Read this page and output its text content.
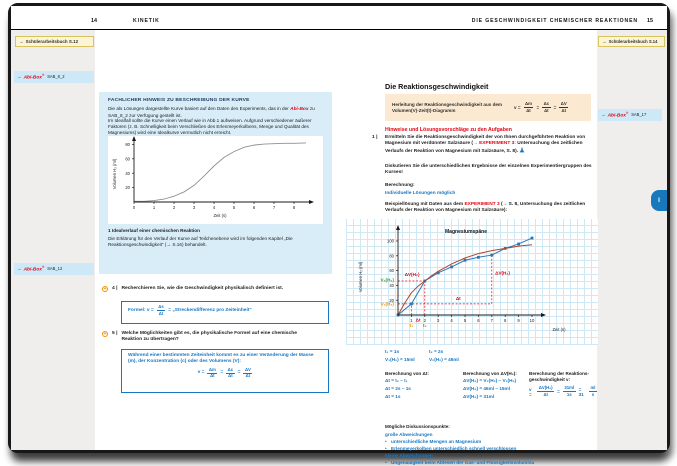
14	KINETIK	DIE GESCHWINDIGKEIT CHEMISCHER REAKTIONEN 15
→ Schülerarbeitsbuch S.12	→ Schülerarbeitsbuch S.14
→ Abi-Box® SAB_8_2
→ Abi-Box® SAB_12
→ Abi-Box® SAB_17
I
FACHLICHER HINWEIS ZU BESCHREIBUNG DER KURVE
Die als Lösungen dargestellte Kurve basiert auf den Daten des Experiments, das in der Abi-Box zu SAB_8_2 zur Verfügung gestellt ist.
Im Idealfall sollte die Kurve einen Verlauf wie in Abb.1 aufweisen. Aufgrund verschiedener äußerer Faktoren (z. B. Schnelligkeit beim Verschließen des Erlenmeyerkolbens, Menge und Qualität des Magnesiums) wird eine Idealkurve vermutlich nicht erreicht.
0	1	2	3	4	5	6	7	8
20
40
60
80
Zeit (s)
Volumen H₂ (ml)
1 Idealverlauf einer chemischen Reaktion
Die Erklärung für den Verlauf der Kurve auf Teilchenebene wird im folgenden Kapitel „Die Reaktionsgeschwindigkeit“ (→ S.16) behandelt.
+ 4 | Recherchieren Sie, wie die Geschwindigkeit physikalisch definiert ist.
Formel: $v = \frac{\Delta s}{\Delta t}$ = „Streckendifferenz pro Zeiteinheit“
+ 5 | Welche Möglichkeiten gibt es, die physikalische Formel auf eine chemische Reaktion zu übertragen?
Während einer bestimmten Zeiteinheit kommt es zu einer Veränderung der Masse (m), der Konzentration (c) oder des Volumens (V):
$v = \frac{\Delta m}{\Delta t} = \frac{\Delta c}{\Delta t} = \frac{\Delta V}{\Delta t}$
Die Reaktionsgeschwindigkeit
Herleitung der Reaktionsgeschwindigkeit aus dem Volumen(V)-Zeit(t)-Diagramm	$v = \frac{\Delta m}{\Delta t} = \frac{\Delta c}{\Delta t} = \frac{\Delta V}{\Delta t}$
Hinweise und Lösungsvorschläge zu den Aufgaben
1 | Ermitteln Sie die Reaktionsgeschwindigkeit der von Ihnen durchgeführten Reaktion von Magnesium mit verdünnter Salzsäure (→ EXPERIMENT 3: Untersuchung des zeitlichen Verlaufs der Reaktion von Magnesium mit Salzsäure, S. 8).
Diskutieren Sie die unterschiedlichen Ergebnisse der einzelnen Experimentiergruppen des Kurses!
Berechnung:
Individuelle Lösungen möglich
Beispiellösung mit Daten aus dem EXPERIMENT 3 (→ S. 8, Untersuchung des zeitlichen Verlaufs der Reaktion von Magnesium mit Salzsäure):
1	2	3	4	5	6	7	8	9 10
20
40
60
80
100
Zeit (s)
Volumen H₂ (ml)
Magnesiumspäne
ΔV(H₂)	ΔV(H₂)
Δt
Δt
t₁ t₂
V₂(H₂)
V₁(H₂)
t₁ = 1s	t₂ = 2s
V₁(H₂) = 15ml	V₂(H₂) = 46ml
Berechnung von Δt:
Δt = t₂ – t₁
Δt = 2s – 1s
Δt = 1s
Berechnung von ΔV(H₂):
ΔV(H₂) = V₂(H₂) – V₁(H₂)
ΔV(H₂) = 46ml – 15ml
ΔV(H₂) = 31ml
Berechnung der Reaktions-
geschwindigkeit v:
v =	$\frac{\text{ΔV(H₂)}}{\Delta t} = \frac{31ml}{1s} = 31$	$\frac{ml}{s}$
Mögliche Diskussionspunkte:
große Abweichungen
• unterschiedliche Mengen an Magnesium
• Erlenmeyerkolben unterschiedlich schnell verschlossen
kleine Abweichungen
• Ungenauigkeit beim Ablesen der Gas- und Flüssigkeitsvolumina
